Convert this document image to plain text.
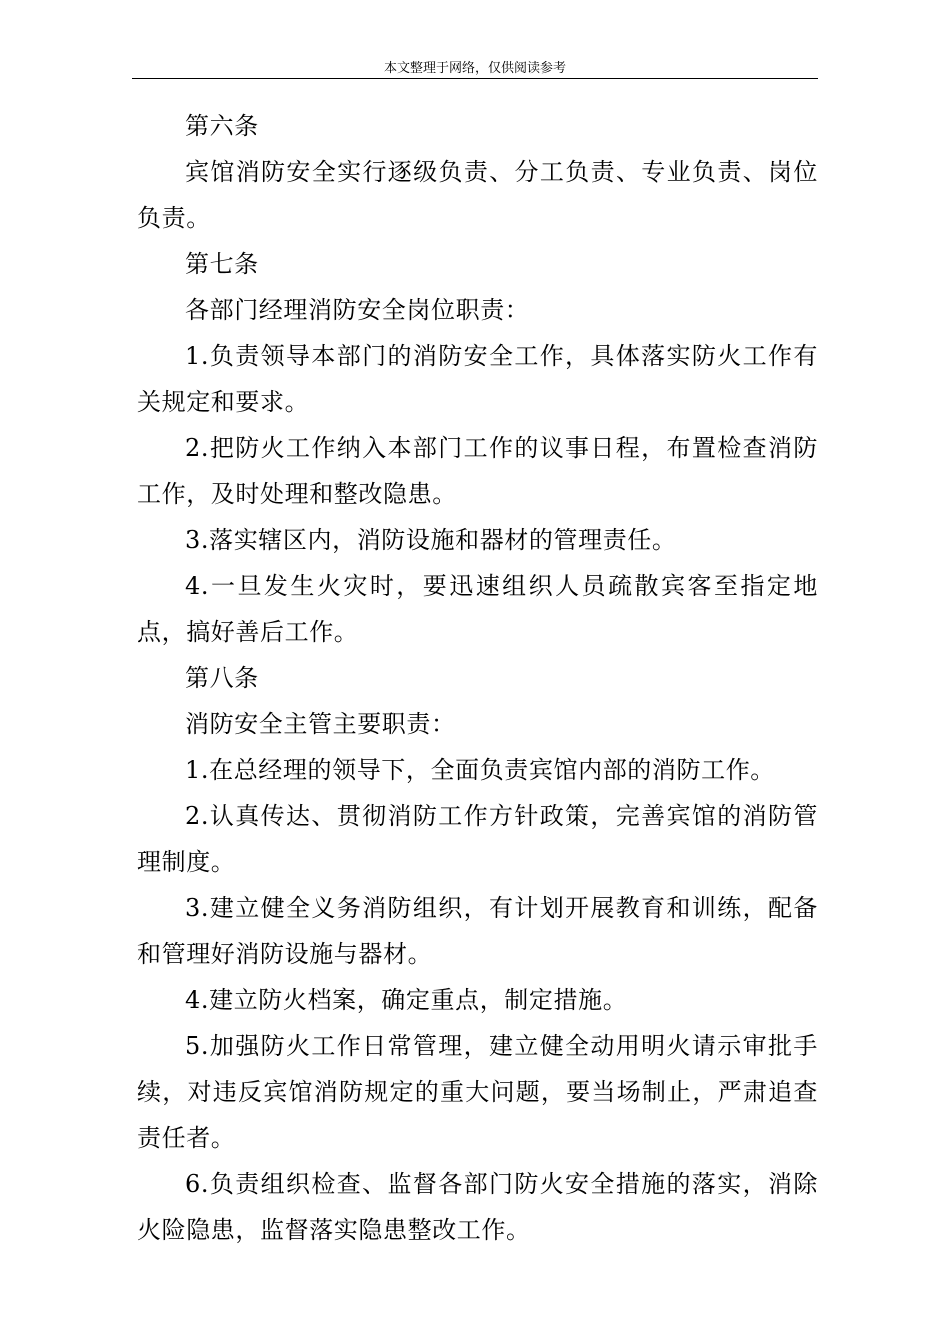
本文整理于网络，仅供阅读参考

第六条

宾馆消防安全实行逐级负责、分工负责、专业负责、岗位负责。

第七条

各部门经理消防安全岗位职责：

1.负责领导本部门的消防安全工作，具体落实防火工作有关规定和要求。

2.把防火工作纳入本部门工作的议事日程，布置检查消防工作，及时处理和整改隐患。

3.落实辖区内，消防设施和器材的管理责任。

4.一旦发生火灾时，要迅速组织人员疏散宾客至指定地点，搞好善后工作。

第八条

消防安全主管主要职责：

1.在总经理的领导下，全面负责宾馆内部的消防工作。

2.认真传达、贯彻消防工作方针政策，完善宾馆的消防管理制度。

3.建立健全义务消防组织，有计划开展教育和训练，配备和管理好消防设施与器材。

4.建立防火档案，确定重点，制定措施。

5.加强防火工作日常管理，建立健全动用明火请示审批手续，对违反宾馆消防规定的重大问题，要当场制止，严肃追查责任者。

6.负责组织检查、监督各部门防火安全措施的落实，消除火险隐患，监督落实隐患整改工作。
